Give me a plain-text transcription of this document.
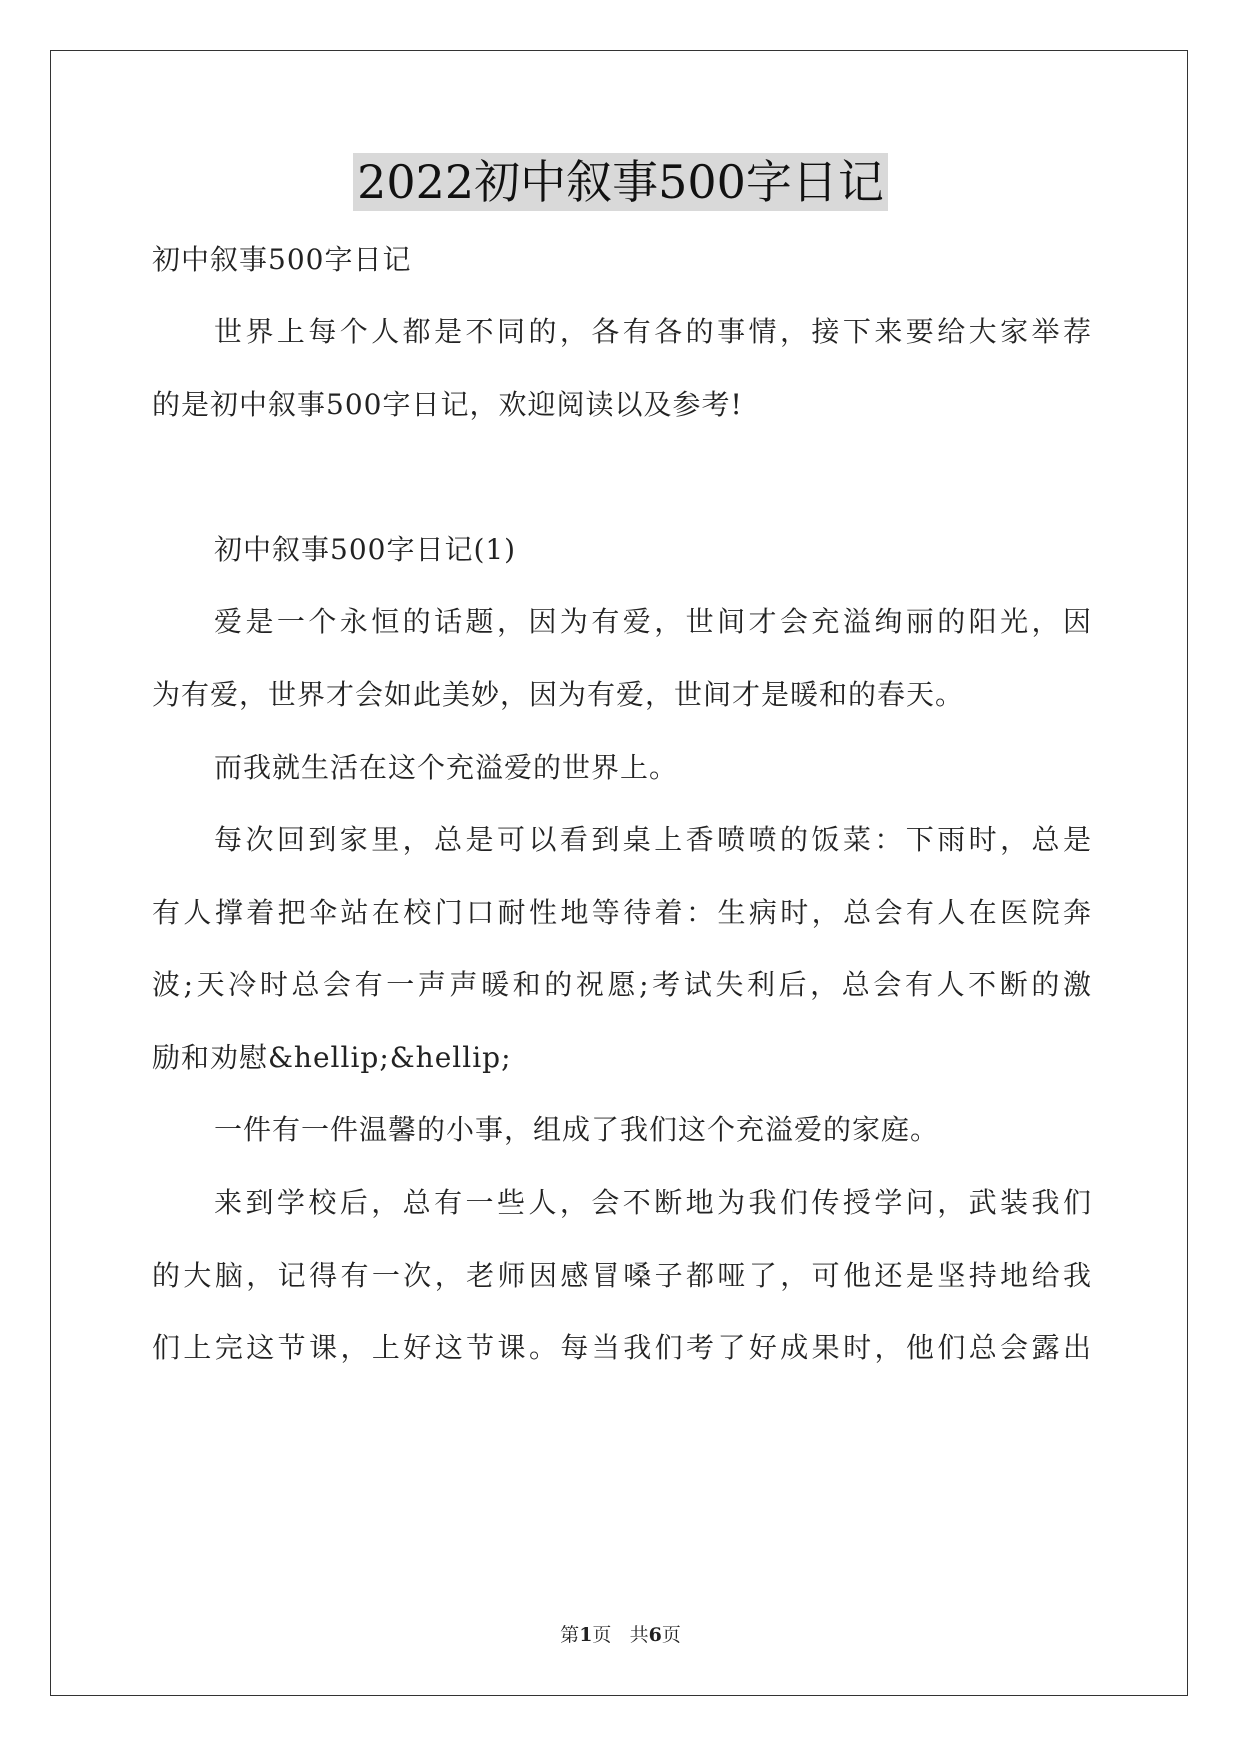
2022初中叙事500字日记
初中叙事500字日记
世界上每个人都是不同的，各有各的事情，接下来要给大家举荐
的是初中叙事500字日记，欢迎阅读以及参考!
初中叙事500字日记(1)
爱是一个永恒的话题，因为有爱，世间才会充溢绚丽的阳光，因
为有爱，世界才会如此美妙，因为有爱，世间才是暖和的春天。
而我就生活在这个充溢爱的世界上。
每次回到家里，总是可以看到桌上香喷喷的饭菜：下雨时，总是
有人撑着把伞站在校门口耐性地等待着：生病时，总会有人在医院奔
波;天冷时总会有一声声暖和的祝愿;考试失利后，总会有人不断的激
励和劝慰&hellip;&hellip;
一件有一件温馨的小事，组成了我们这个充溢爱的家庭。
来到学校后，总有一些人，会不断地为我们传授学问，武装我们
的大脑，记得有一次，老师因感冒嗓子都哑了，可他还是坚持地给我
们上完这节课，上好这节课。每当我们考了好成果时，他们总会露出
第1页 共6页
